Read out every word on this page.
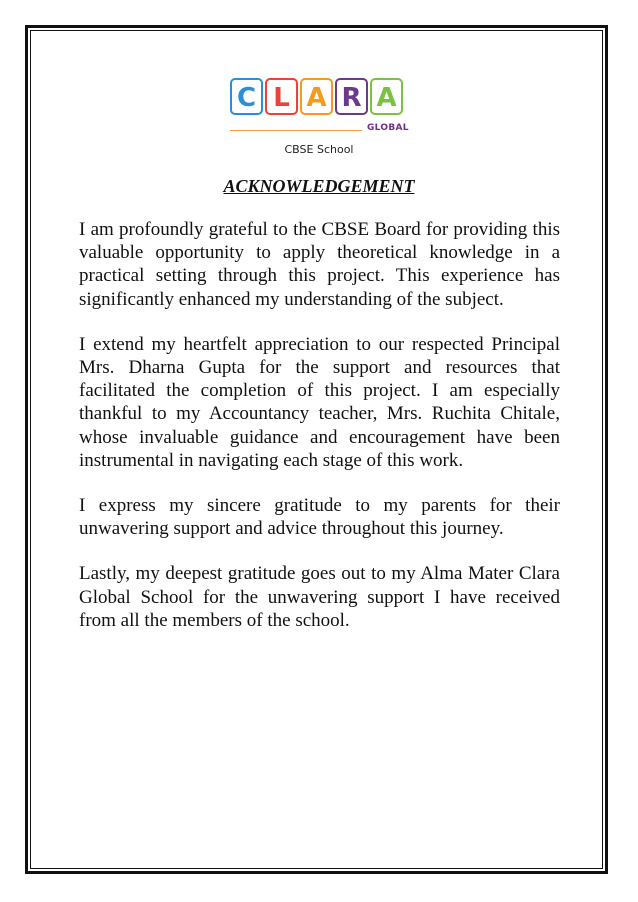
C L A R A
GLOBAL
CBSE School
ACKNOWLEDGEMENT

I am profoundly grateful to the CBSE Board for providing this valuable opportunity to apply theoretical knowledge in a practical setting through this project. This experience has significantly enhanced my understanding of the subject.

I extend my heartfelt appreciation to our respected Principal Mrs. Dharna Gupta for the support and resources that facilitated the completion of this project. I am especially thankful to my Accountancy teacher, Mrs. Ruchita Chitale, whose invaluable guidance and encouragement have been instrumental in navigating each stage of this work.

I express my sincere gratitude to my parents for their unwavering support and advice throughout this journey.

Lastly, my deepest gratitude goes out to my Alma Mater Clara Global School for the unwavering support I have received from all the members of the school.
